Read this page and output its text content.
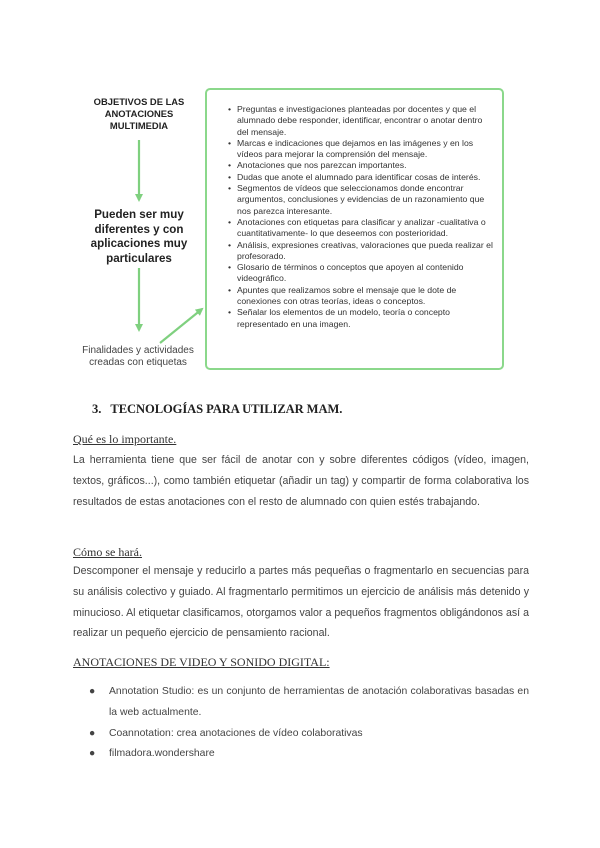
OBJETIVOS DE LAS ANOTACIONES MULTIMEDIA
Pueden ser muy diferentes y con aplicaciones muy particulares
Finalidades y actividades creadas con etiquetas
• Preguntas e investigaciones planteadas por docentes y que el alumnado debe responder, identificar, encontrar o anotar dentro del mensaje.
• Marcas e indicaciones que dejamos en las imágenes y en los vídeos para mejorar la comprensión del mensaje.
• Anotaciones que nos parezcan importantes.
• Dudas que anote el alumnado para identificar cosas de interés.
• Segmentos de vídeos que seleccionamos donde encontrar argumentos, conclusiones y evidencias de un razonamiento que nos parezca interesante.
• Anotaciones con etiquetas para clasificar y analizar -cualitativa o cuantitativamente- lo que deseemos con posterioridad.
• Análisis, expresiones creativas, valoraciones que pueda realizar el profesorado.
• Glosario de términos o conceptos que apoyen al contenido videográfico.
• Apuntes que realizamos sobre el mensaje que le dote de conexiones con otras teorías, ideas o conceptos.
• Señalar los elementos de un modelo, teoría o concepto representado en una imagen.
3. TECNOLOGÍAS PARA UTILIZAR MAM.
Qué es lo importante.

La herramienta tiene que ser fácil de anotar con y sobre diferentes códigos (vídeo, imagen, textos, gráficos...), como también etiquetar (añadir un tag) y compartir de forma colaborativa los resultados de estas anotaciones con el resto de alumnado con quien estés trabajando.

Cómo se hará.

Descomponer el mensaje y reducirlo a partes más pequeñas o fragmentarlo en secuencias para su análisis colectivo y guiado. Al fragmentarlo permitimos un ejercicio de análisis más detenido y minucioso. Al etiquetar clasificamos, otorgamos valor a pequeños fragmentos obligándonos así a realizar un pequeño ejercicio de pensamiento racional.

ANOTACIONES DE VIDEO Y SONIDO DIGITAL:
● Annotation Studio: es un conjunto de herramientas de anotación colaborativas basadas en la web actualmente.
● Coannotation: crea anotaciones de vídeo colaborativas
● filmadora.wondershare
